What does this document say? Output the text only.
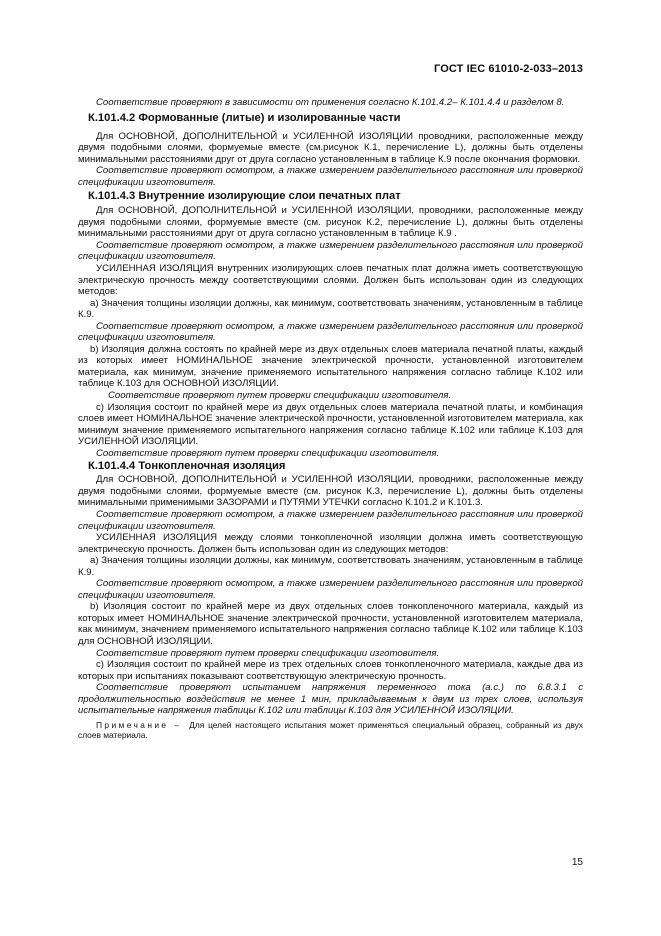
ГОСТ IEC 61010-2-033–2013

Соответствие проверяют в зависимости от применения согласно К.101.4.2– К.101.4.4 и разделом 8.

К.101.4.2 Формованные (литые) и изолированные части

Для ОСНОВНОЙ, ДОПОЛНИТЕЛЬНОЙ и УСИЛЕННОЙ ИЗОЛЯЦИИ проводники, расположенные между двумя подобными слоями, формуемые вместе (см.рисунок К.1, перечисление L), должны быть отделены минимальными расстояниями друг от друга согласно установленным в таблице К.9 после окончания формовки.

Соответствие проверяют осмотром, а также измерением разделительного расстояния или проверкой спецификации изготовителя.

К.101.4.3 Внутренние изолирующие слои печатных плат

Для ОСНОВНОЙ, ДОПОЛНИТЕЛЬНОЙ и УСИЛЕННОЙ ИЗОЛЯЦИИ, проводники, расположенные между двумя подобными слоями, формуемые вместе (см. рисунок К.2, перечисление L), должны быть отделены минимальными расстояниями друг от друга согласно установленным в таблице К.9 .

Соответствие проверяют осмотром, а также измерением разделительного расстояния или проверкой спецификации изготовителя.

УСИЛЕННАЯ ИЗОЛЯЦИЯ внутренних изолирующих слоев печатных плат должна иметь соответствующую электрическую прочность между соответствующими слоями. Должен быть использован один из следующих методов:

а) Значения толщины изоляции должны, как минимум, соответствовать значениям, установленным в таблице К.9.

Соответствие проверяют осмотром, а также измерением разделительного расстояния или проверкой спецификации изготовителя.

b) Изоляция должна состоять по крайней мере из двух отдельных слоев материала печатной платы, каждый из которых имеет НОМИНАЛЬНОЕ значение электрической прочности, установленной изготовителем материала, как минимум, значение применяемого испытательного напряжения согласно таблице К.102 или таблице К.103 для ОСНОВНОЙ ИЗОЛЯЦИИ.

Соответствие проверяют путем проверки спецификации изготовителя.

с) Изоляция состоит по крайней мере из двух отдельных слоев материала печатной платы, и комбинация слоев имеет НОМИНАЛЬНОЕ значение электрической прочности, установленной изготовителем материала, как минимум значение применяемого испытательного напряжения согласно таблице К.102 или таблице К.103 для УСИЛЕННОЙ ИЗОЛЯЦИИ.

Соответствие проверяют путем проверки спецификации изготовителя.

К.101.4.4 Тонкопленочная изоляция

Для ОСНОВНОЙ, ДОПОЛНИТЕЛЬНОЙ и УСИЛЕННОЙ ИЗОЛЯЦИИ, проводники, расположенные между двумя подобными слоями, формуемые вместе (см. рисунок К.3, перечисление L), должны быть отделены минимальными применимыми ЗАЗОРАМИ и ПУТЯМИ УТЕЧКИ согласно К.101.2 и К.101.3.

Соответствие проверяют осмотром, а также измерением разделительного расстояния или проверкой спецификации изготовителя.

УСИЛЕННАЯ ИЗОЛЯЦИЯ между слоями тонкопленочной изоляции должна иметь соответствующую электрическую прочность. Должен быть использован один из следующих методов:

а) Значения толщины изоляции должны, как минимум, соответствовать значениям, установленным в таблице К.9.

Соответствие проверяют осмотром, а также измерением разделительного расстояния или проверкой спецификации изготовителя.

b) Изоляция состоит по крайней мере из двух отдельных слоев тонкопленочного материала, каждый из которых имеет НОМИНАЛЬНОЕ значение электрической прочности, установленной изготовителем материала, как минимум, значением применяемого испытательного напряжения согласно таблице К.102 или таблице К.103 для ОСНОВНОЙ ИЗОЛЯЦИИ.

Соответствие проверяют путем проверки спецификации изготовителя.

с) Изоляция состоит по крайней мере из трех отдельных слоев тонкопленочного материала, каждые два из которых при испытаниях показывают соответствующую электрическую прочность.

Соответствие проверяют испытанием напряжения переменного тока (а.с.) по 6.8.3.1 с продолжительностью воздействия не менее 1 мин, прикладываемым к двум из трех слоев, используя испытательные напряжения таблицы К.102 или таблицы К.103 для УСИЛЕННОЙ ИЗОЛЯЦИИ.

Примечание – Для целей настоящего испытания может применяться специальный образец, собранный из двух слоев материала.

15
